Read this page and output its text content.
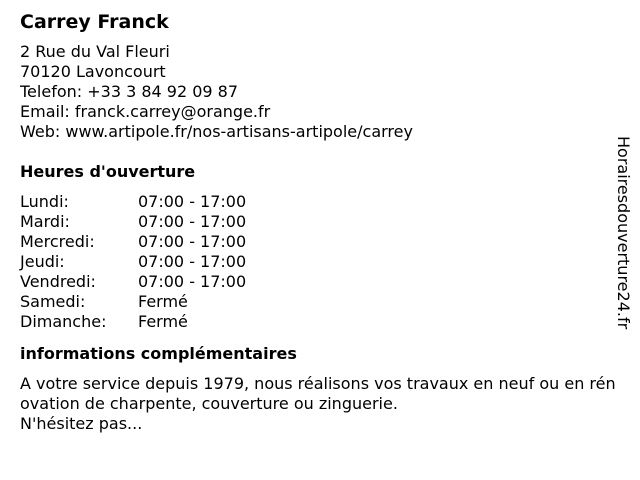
Carrey Franck
2 Rue du Val Fleuri
70120 Lavoncourt
Telefon: +33 3 84 92 09 87
Email: franck.carrey@orange.fr
Web: www.artipole.fr/nos-artisans-artipole/carrey
Heures d'ouverture
Lundi:	07:00 - 17:00
Mardi:	07:00 - 17:00
Mercredi:	07:00 - 17:00
Jeudi:	07:00 - 17:00
Vendredi:	07:00 - 17:00
Samedi:	Fermé
Dimanche:	Fermé
informations complémentaires
A votre service depuis 1979, nous réalisons vos travaux en neuf ou en rénovation de charpente, couverture ou zinguerie.
N'hésitez pas...
Horairesdouverture24.fr
